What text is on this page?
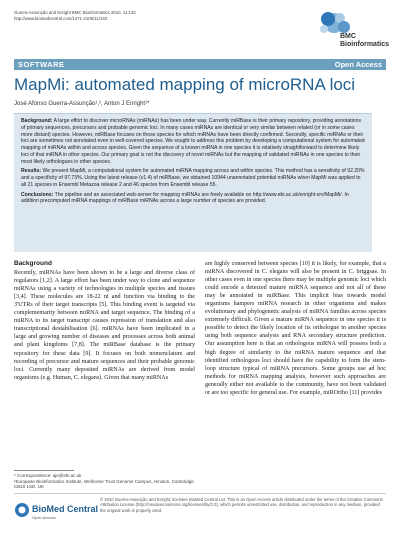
Guerra-Assunção and Enright BMC Bioinformatics 2010, 11:132
http://www.biomedcentral.com/1471-2105/11/133
BMC
Bioinformatics
SOFTWARE	Open Access
MapMi: automated mapping of microRNA loci
José Afonso Guerra-Assunção¹,², Anton J Enright¹*

Background: A large effort to discover microRNAs (miRNAs) has been under way. Currently miRBase is their primary repository, providing annotations of primary sequences, precursors and probable genomic loci. In many cases miRNAs are identical or very similar between related (or in some cases more distant) species. However, miRBase focuses on those species for which miRNAs have been directly confirmed. Secondly, specific miRNAs or their loci are sometimes not annotated even in well-covered species. We sought to address this problem by developing a computational system for automated mapping of miRNAs within and across species. Given the sequence of a known miRNA in one species it is relatively straightforward to determine likely loci of that miRNA in other species. Our primary goal is not the discovery of novel miRNAs but the mapping of validated miRNAs in one species to their most likely orthologues in other species.

Results: We present MapMi, a computational system for automated miRNA mapping across and within species. This method has a sensitivity of 92.20% and a specificity of 97.73%. Using the latest release (v1.4) of miRBase, we obtained 10944 unannotated potential miRNAs when MapMi was applied to all 21 species in Ensembl Metazoa release 2 and 46 species from Ensembl release 55.

Conclusions: The pipeline and an associated web-server for mapping miRNAs are freely available on http://www.ebi.ac.uk/enright-srv/MapMi/. In addition precomputed miRNA mappings of miRBase miRNAs across a large number of species are provided.

Background

Recently, miRNAs have been shown to be a large and diverse class of regulators [1,2]. A large effort has been under way to clone and sequence miRNAs using a variety of technologies in multiple species and tissues [3,4]. These molecules are 18-22 nt and function via binding to the 3'UTRs of their target transcripts [5]. This binding event is targeted via complementarity between miRNA and target sequence. The binding of a miRNA to its target transcript causes repression of translation and also transcriptional destabilisation [6]. miRNAs have been implicated in a large and growing number of diseases and processes across both animal and plant kingdoms [7,8]. The miRBase database is the primary repository for these data [9]. It focuses on both nomenclature and recording of precursor and mature sequences and their probable genomic loci. Currently many deposited miRNAs are derived from model organisms (e.g. Human, C. elegans). Given that many miRNAs

are highly conserved between species [10] it is likely, for example, that a miRNA discovered in C. elegans will also be present in C. briggsae. In other cases even in one species there may be multiple genomic loci which could encode a detected mature miRNA sequence and not all of these may be annotated in miRBase. This implicit bias towards model organisms hampers miRNA research in other organisms and makes evolutionary and phylogenetic analysis of miRNA families across species extremely difficult. Given a mature miRNA sequence in one species it is possible to detect the likely location of its orthologue in another species using both sequence analysis and RNA secondary structure prediction. Our assumption here is that an orthologous miRNA will possess both a high degree of similarity to the miRNA mature sequence and that identified orthologous loci should have the capability to form the stem-loop structure typical of miRNA precursors. Some groups use ad hoc methods for miRNA mapping analysis, however such approaches are generally either not available to the community, have not been validated or are too specific for general use. For example, miROrtho [11] provides

* Correspondence: aje@ebi.ac.uk
¹European Bioinformatics Institute, Wellcome Trust Genome Campus, Hinxton, Cambridge CB10 1SD, UK
BioMed Central
Open Access
© 2010 Guerra-Assunção and Enright; licensee BioMed Central Ltd. This is an Open Access article distributed under the terms of the Creative Commons Attribution License (http://creativecommons.org/licenses/by/2.0), which permits unrestricted use, distribution, and reproduction in any medium, provided the original work is properly cited.
